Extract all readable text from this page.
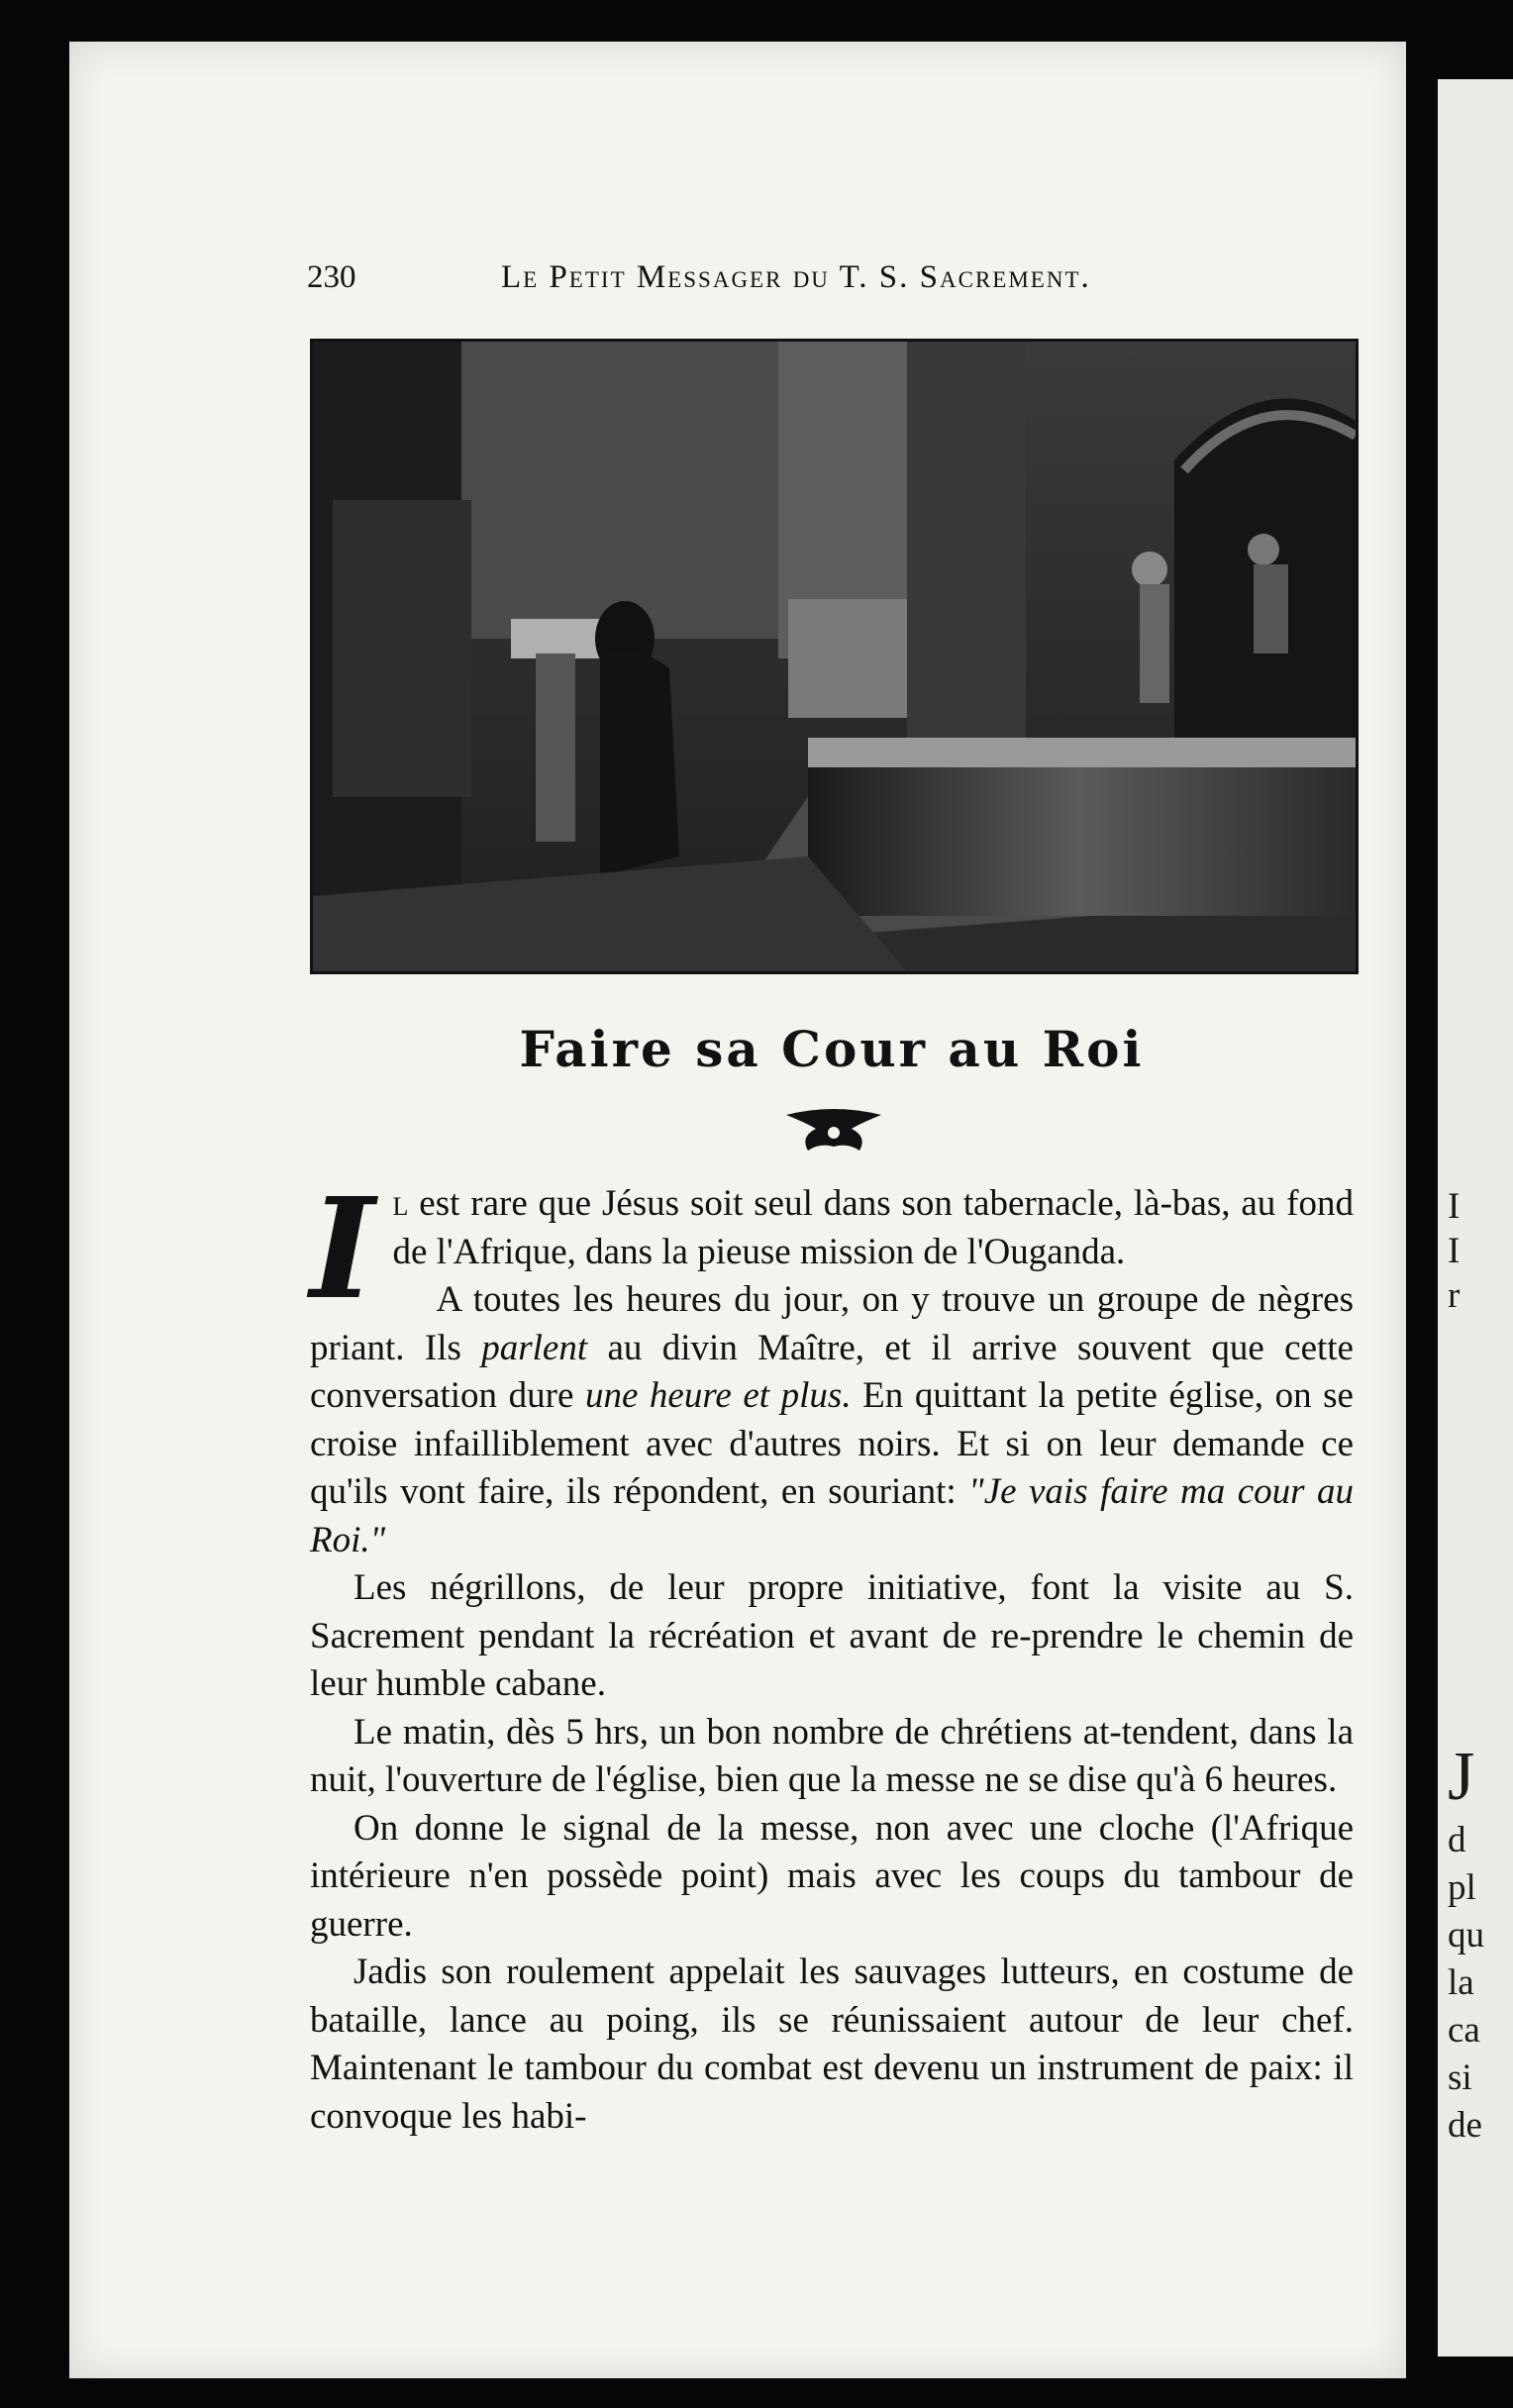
I
I
r
J
d
pl
qu
la
ca
si
de
230	Le Petit Messager du T. S. Sacrement.
Faire sa Cour au Roi

I l est rare que Jésus soit seul dans son tabernacle, là-bas, au fond de l'Afrique, dans la pieuse mission de l'Ouganda.

A toutes les heures du jour, on y trouve un groupe de nègres priant. Ils parlent au divin Maître, et il arrive souvent que cette conversation dure une heure et plus. En quittant la petite église, on se croise infailliblement avec d'autres noirs. Et si on leur demande ce qu'ils vont faire, ils répondent, en souriant: "Je vais faire ma cour au Roi."

Les négrillons, de leur propre initiative, font la visite au S. Sacrement pendant la récréation et avant de re-prendre le chemin de leur humble cabane.

Le matin, dès 5 hrs, un bon nombre de chrétiens at-tendent, dans la nuit, l'ouverture de l'église, bien que la messe ne se dise qu'à 6 heures.

On donne le signal de la messe, non avec une cloche (l'Afrique intérieure n'en possède point) mais avec les coups du tambour de guerre.

Jadis son roulement appelait les sauvages lutteurs, en costume de bataille, lance au poing, ils se réunissaient autour de leur chef. Maintenant le tambour du combat est devenu un instrument de paix: il convoque les habi-
